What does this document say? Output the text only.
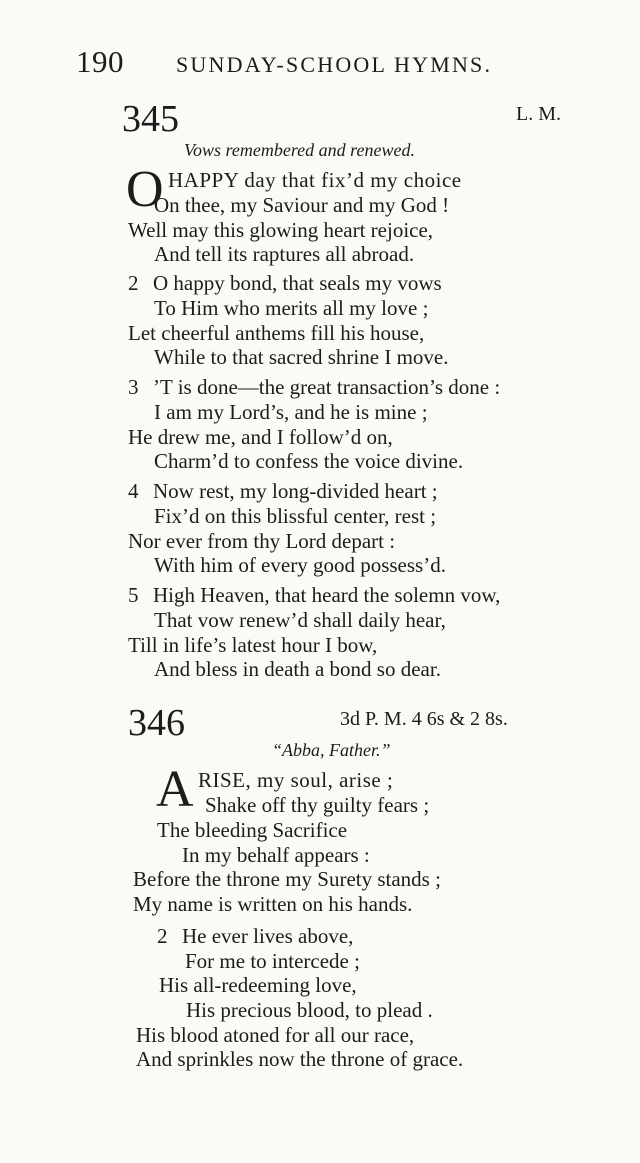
190 SUNDAY-SCHOOL HYMNS.
345	L. M.
Vows remembered and renewed.
O HAPPY day that fix’d my choice
On thee, my Saviour and my God !
Well may this glowing heart rejoice,
And tell its raptures all abroad.
2 O happy bond, that seals my vows
To Him who merits all my love ;
Let cheerful anthems fill his house,
While to that sacred shrine I move.
3 ’T is done—the great transaction’s done :
I am my Lord’s, and he is mine ;
He drew me, and I follow’d on,
Charm’d to confess the voice divine.
4 Now rest, my long-divided heart ;
Fix’d on this blissful center, rest ;
Nor ever from thy Lord depart :
With him of every good possess’d.
5 High Heaven, that heard the solemn vow,
That vow renew’d shall daily hear,
Till in life’s latest hour I bow,
And bless in death a bond so dear.
346	3d P. M. 4 6s & 2 8s.
“Abba, Father.”
A RISE, my soul, arise ;
Shake off thy guilty fears ;
The bleeding Sacrifice
In my behalf appears :
Before the throne my Surety stands ;
My name is written on his hands.
2 He ever lives above,
For me to intercede ;
His all-redeeming love,
His precious blood, to plead .
His blood atoned for all our race,
And sprinkles now the throne of grace.
